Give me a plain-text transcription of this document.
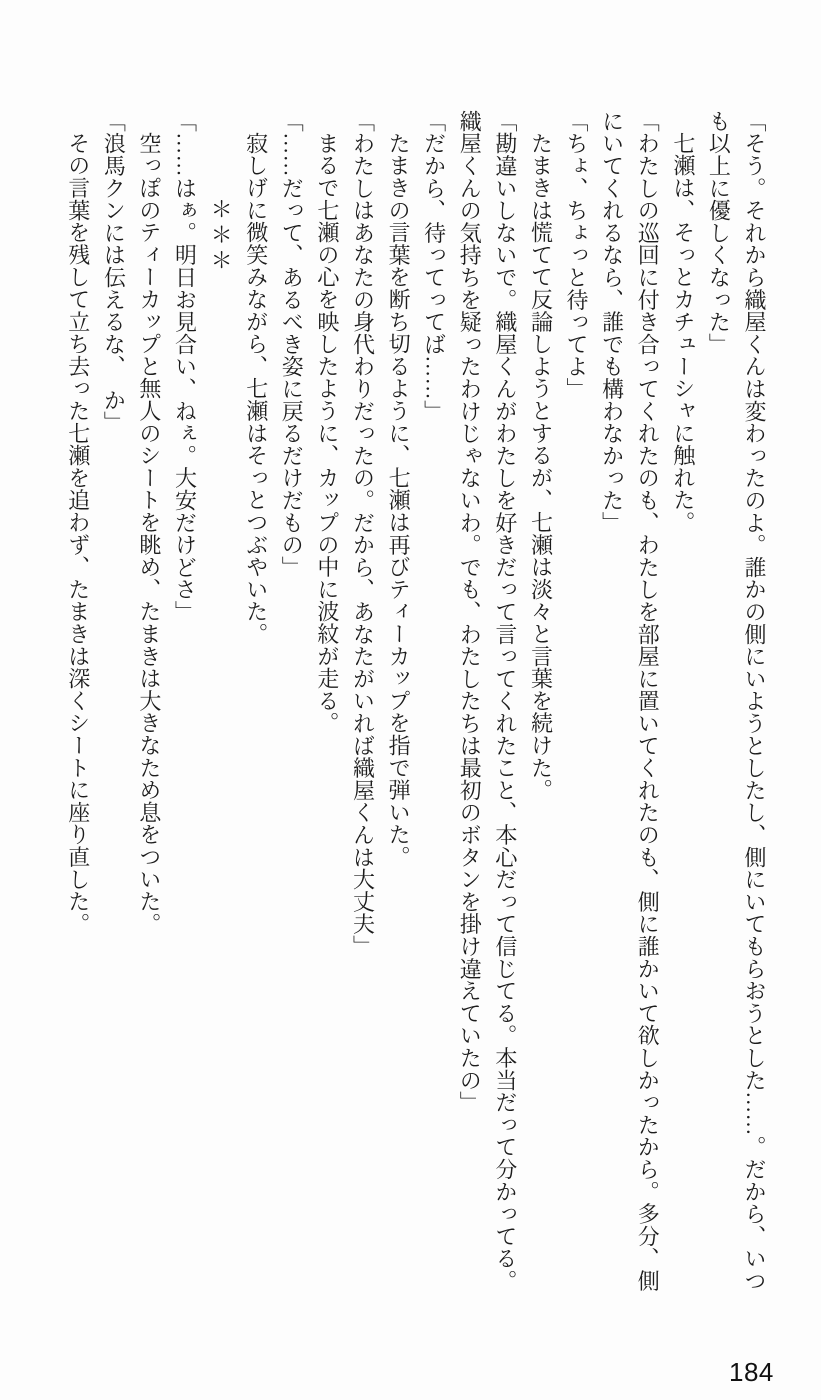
「そう。それから織屋くんは変わったのよ。誰かの側にいようとしたし、側にいてもらおうとした……。だから、いつも以上に優しくなった」

七瀬は、そっとカチューシャに触れた。

「わたしの巡回に付き合ってくれたのも、わたしを部屋に置いてくれたのも、側に誰かいて欲しかったから。多分、側にいてくれるなら、誰でも構わなかった」

「ちょ、ちょっと待ってよ」

たまきは慌てて反論しようとするが、七瀬は淡々と言葉を続けた。

「勘違いしないで。織屋くんがわたしを好きだって言ってくれたこと、本心だって信じてる。本当だって分かってる。織屋くんの気持ちを疑ったわけじゃないわ。でも、わたしたちは最初のボタンを掛け違えていたの」

「だから、待ってってば……」

たまきの言葉を断ち切るように、七瀬は再びティーカップを指で弾いた。

「わたしはあなたの身代わりだったの。だから、あなたがいれば織屋くんは大丈夫」

まるで七瀬の心を映したように、カップの中に波紋が走る。

「……だって、あるべき姿に戻るだけだもの」

寂しげに微笑みながら、七瀬はそっとつぶやいた。

＊＊＊

「……はぁ。明日お見合い、ねぇ。大安だけどさ」

空っぽのティーカップと無人のシートを眺め、たまきは大きなため息をついた。

「浪馬クンには伝えるな、　か」

その言葉を残して立ち去った七瀬を追わず、たまきは深くシートに座り直した。

184
